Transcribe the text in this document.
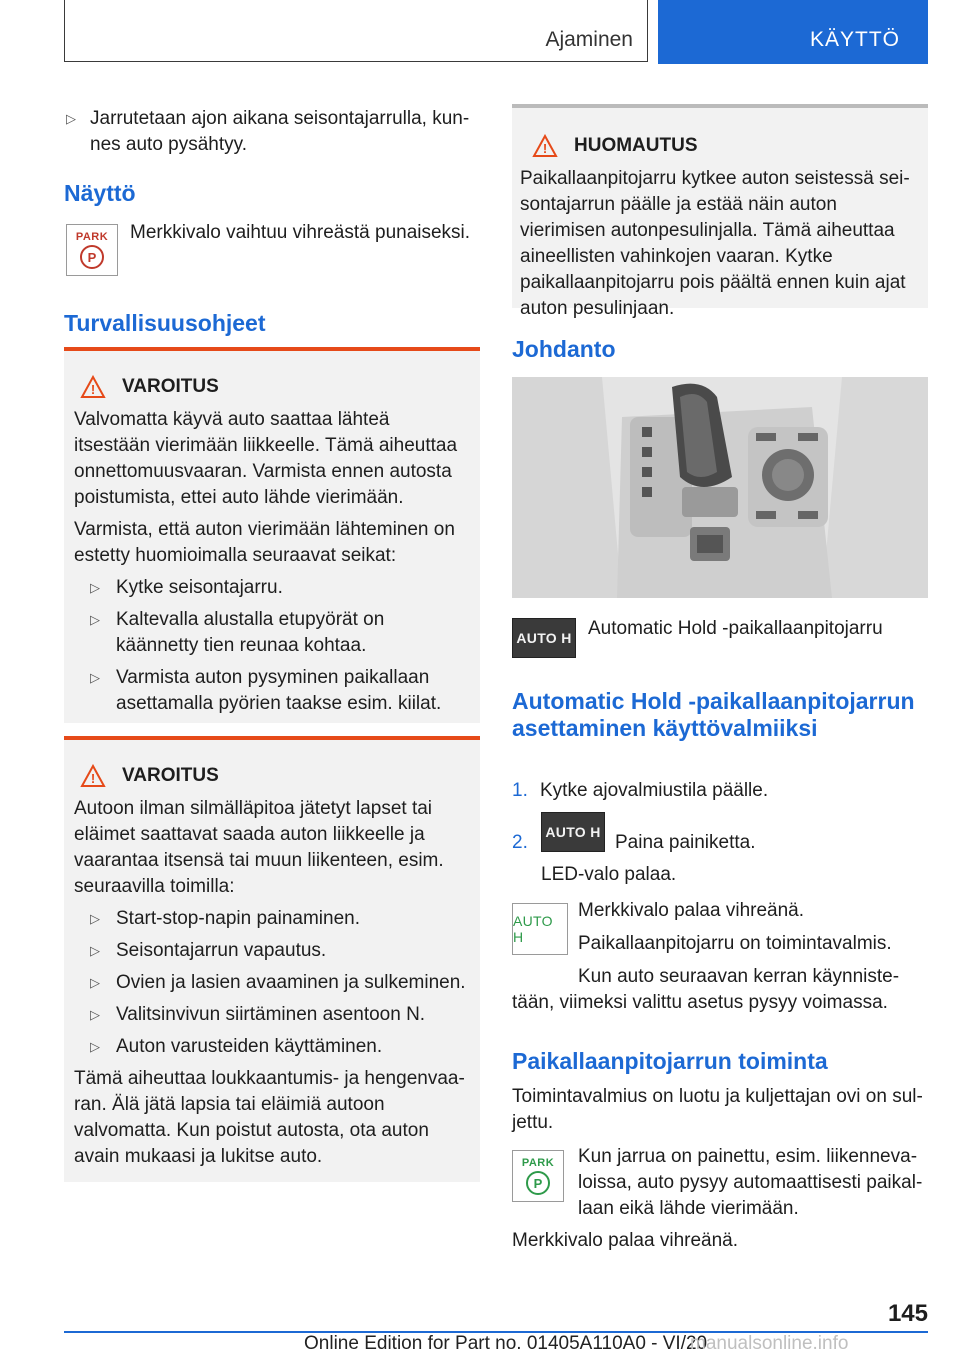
Ajaminen	KÄYTTÖ
▷ Jarrutetaan ajon aikana seisontajarrulla, kunnes auto pysähtyy.
Näyttö
PARK
P
Merkkivalo vaihtuu vihreästä punaiseksi.
Turvallisuusohjeet
! VAROITUS

Valvomatta käyvä auto saattaa lähteä itsestään vierimään liikkeelle. Tämä aiheuttaa onnettomuusvaaran. Varmista ennen autosta poistumista, ettei auto lähde vierimään.

Varmista, että auton vierimään lähteminen on estetty huomioimalla seuraavat seikat:

▷ Kytke seisontajarru.
▷ Kaltevalla alustalla etupyörät on käännetty tien reunaa kohtaa.
▷ Varmista auton pysyminen paikallaan asettamalla pyörien taakse esim. kiilat.
! VAROITUS

Autoon ilman silmälläpitoa jätetyt lapset tai eläimet saattavat saada auton liikkeelle ja vaarantaa itsensä tai muun liikenteen, esim. seuraavilla toimilla:

▷ Start-stop-napin painaminen.
▷ Seisontajarrun vapautus.
▷ Ovien ja lasien avaaminen ja sulkeminen.
▷ Valitsinvivun siirtäminen asentoon N.
▷ Auton varusteiden käyttäminen.

Tämä aiheuttaa loukkaantumis- ja hengenvaaran. Älä jätä lapsia tai eläimiä autoon valvomatta. Kun poistut autosta, ota auton avain mukaasi ja lukitse auto.

! HUOMAUTUS

Paikallaanpitojarru kytkee auton seistessä seisontajarrun päälle ja estää näin auton vierimisen autonpesulinjalla. Tämä aiheuttaa aineellisten vahinkojen vaaran. Kytke paikallaanpitojarru pois päältä ennen kuin ajat auton pesulinjaan.

Johdanto
AUTO H Automatic Hold -paikallaanpitojarru
Automatic Hold -paikallaanpitojarrun asettaminen käyttövalmiiksi
1. Kytke ajovalmiustila päälle.
2.	AUTO H Paina painiketta.
LED-valo palaa.
AUTO H
Merkkivalo palaa vihreänä.
Paikallaanpitojarru on toimintavalmis.
Kun auto seuraavan kerran käynnistetään, viimeksi valittu asetus pysyy voimassa.
Paikallaanpitojarrun toiminta
Toimintavalmius on luotu ja kuljettajan ovi on suljettu.
PARK
P
Kun jarrua on painettu, esim. liikennevaloissa, auto pysyy automaattisesti paikallaan eikä lähde vierimään.
Merkkivalo palaa vihreänä.
145
Online Edition for Part no. 01405A110A0 - VI/20
manualsonline.info
